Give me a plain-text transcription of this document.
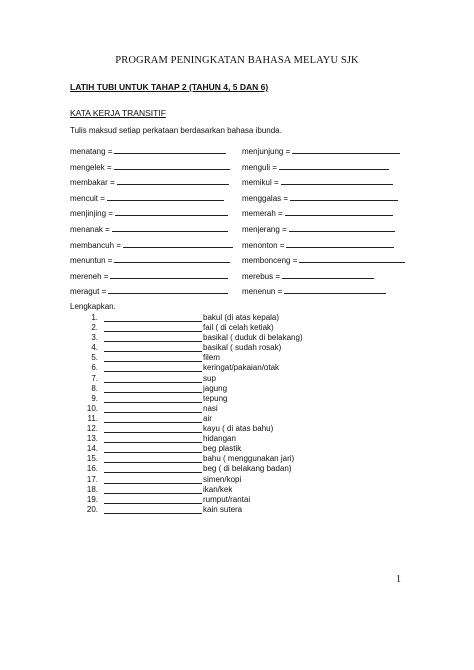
PROGRAM PENINGKATAN BAHASA MELAYU SJK
LATIH TUBI UNTUK TAHAP 2 (TAHUN 4, 5 DAN 6)
KATA KERJA TRANSITIF
Tulis maksud setiap perkataan berdasarkan bahasa ibunda.
menatang =	menjunjung =
mengelek =	menguli =
membakar =	memikul =
mencuit =	menggalas =
menjinjing =	memerah =
menanak =	menjerang =
membancuh =	menonton =
menuntun =	membonceng =
mereneh =	merebus =
meragut =	menenun =
Lengkapkan.
1.	bakul (di atas kepala)
2.	fail ( di celah ketiak)
3.	basikal ( duduk di belakang)
4.	basikal ( sudah rosak)
5.	filem
6.	keringat/pakaian/otak
7.	sup
8.	jagung
9.	tepung
10.	nasi
11.	air
12.	kayu ( di atas bahu)
13.	hidangan
14.	beg plastik
15.	bahu ( menggunakan jari)
16.	beg ( di belakang badan)
17.	simen/kopi
18.	ikan/kek
19.	rumput/rantai
20.	kain sutera
1
